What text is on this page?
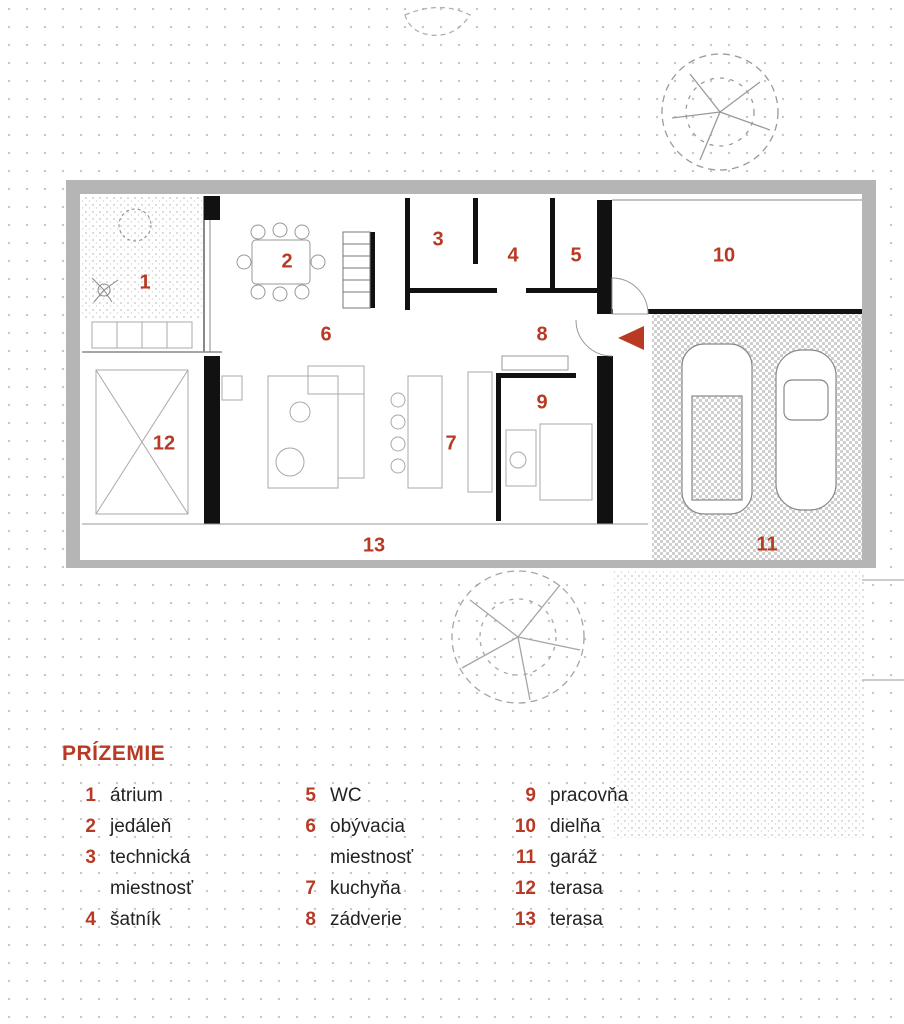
1
2
3
4	5
6
7
8
9
10
11
12
13
PRÍZEMIE
1 átrium
2 jedáleň
3 technická
miestnosť
4 šatník
5 WC
6 obývacia
miestnosť
7 kuchyňa
8 zádverie
9 pracovňa
10 dielňa
11 garáž
12 terasa
13 terasa
